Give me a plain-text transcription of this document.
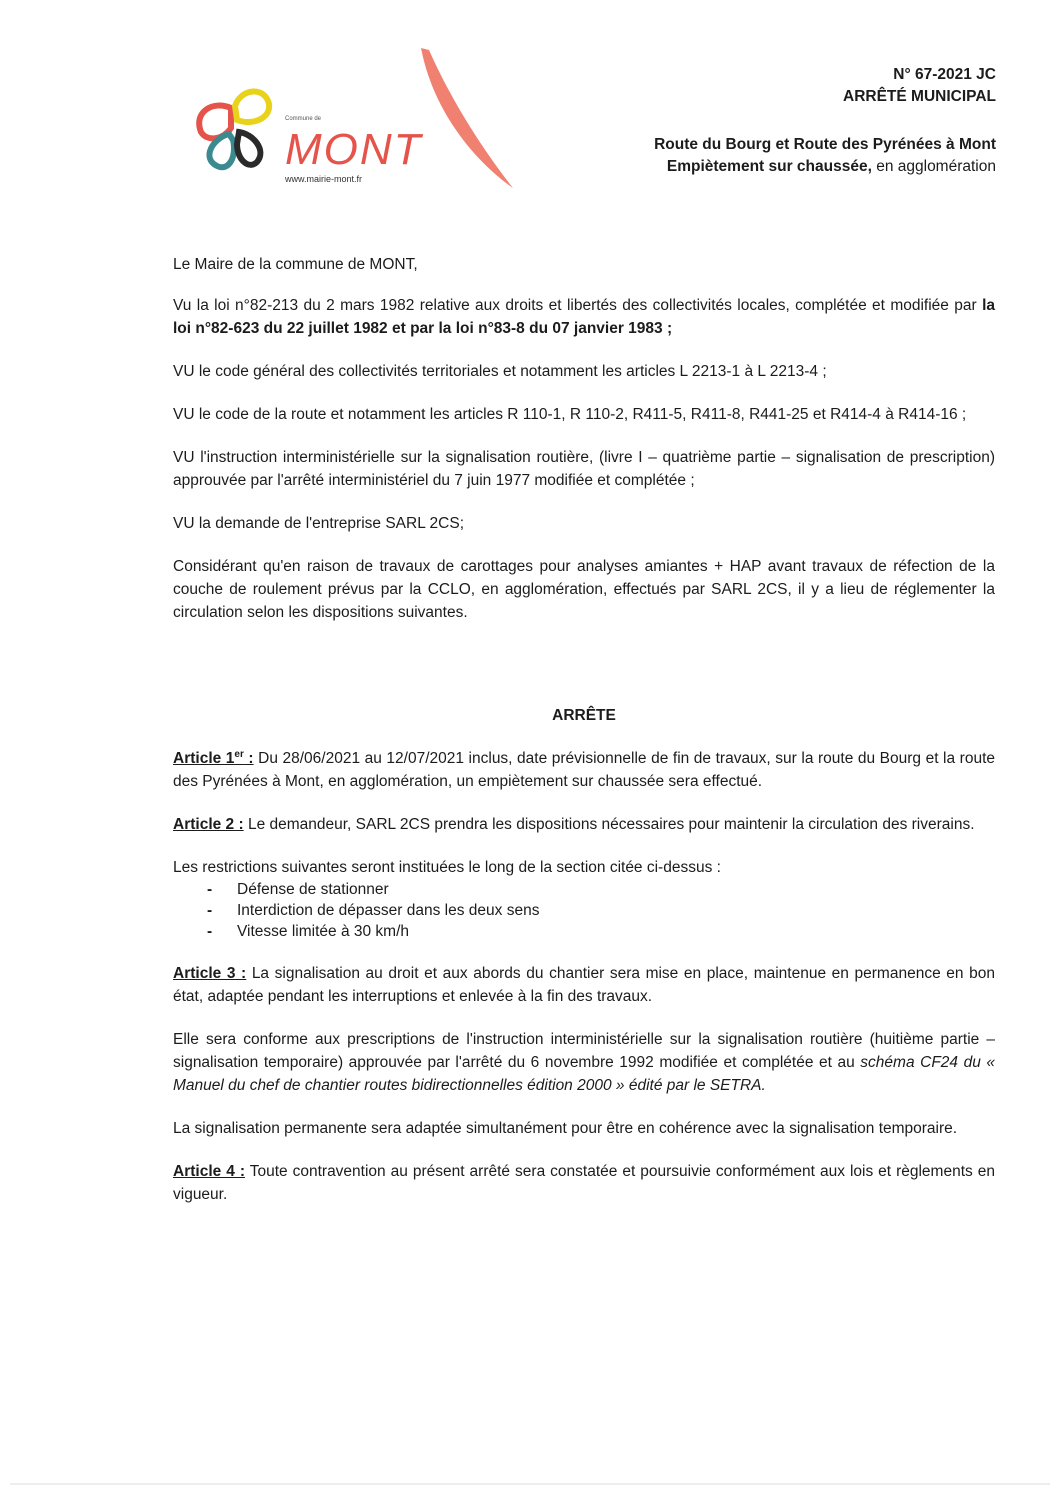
Commune de
MONT
www.mairie-mont.fr
N° 67-2021 JC
ARRÊTÉ MUNICIPAL
Route du Bourg et Route des Pyrénées à Mont
Empiètement sur chaussée, en agglomération

Le Maire de la commune de MONT,

Vu la loi n°82-213 du 2 mars 1982 relative aux droits et libertés des collectivités locales, complétée et modifiée par la loi n°82-623 du 22 juillet 1982 et par la loi n°83-8 du 07 janvier 1983 ;

VU le code général des collectivités territoriales et notamment les articles L 2213-1 à L 2213-4 ;

VU le code de la route et notamment les articles R 110-1, R 110-2, R411-5, R411-8, R441-25 et R414-4 à R414-16 ;

VU l'instruction interministérielle sur la signalisation routière, (livre I – quatrième partie – signalisation de prescription) approuvée par l'arrêté interministériel du 7 juin 1977 modifiée et complétée ;

VU la demande de l'entreprise SARL 2CS;

Considérant qu'en raison de travaux de carottages pour analyses amiantes + HAP avant travaux de réfection de la couche de roulement prévus par la CCLO, en agglomération, effectués par SARL 2CS, il y a lieu de réglementer la circulation selon les dispositions suivantes.

ARRÊTE

Article 1er : Du 28/06/2021 au 12/07/2021 inclus, date prévisionnelle de fin de travaux, sur la route du Bourg et la route des Pyrénées à Mont, en agglomération, un empiètement sur chaussée sera effectué.

Article 2 : Le demandeur, SARL 2CS prendra les dispositions nécessaires pour maintenir la circulation des riverains.

Les restrictions suivantes seront instituées le long de la section citée ci-dessus :

- Défense de stationner
- Interdiction de dépasser dans les deux sens
- Vitesse limitée à 30 km/h

Article 3 : La signalisation au droit et aux abords du chantier sera mise en place, maintenue en permanence en bon état, adaptée pendant les interruptions et enlevée à la fin des travaux.

Elle sera conforme aux prescriptions de l'instruction interministérielle sur la signalisation routière (huitième partie – signalisation temporaire) approuvée par l'arrêté du 6 novembre 1992 modifiée et complétée et au schéma CF24 du « Manuel du chef de chantier routes bidirectionnelles édition 2000 » édité par le SETRA.

La signalisation permanente sera adaptée simultanément pour être en cohérence avec la signalisation temporaire.

Article 4 : Toute contravention au présent arrêté sera constatée et poursuivie conformément aux lois et règlements en vigueur.
